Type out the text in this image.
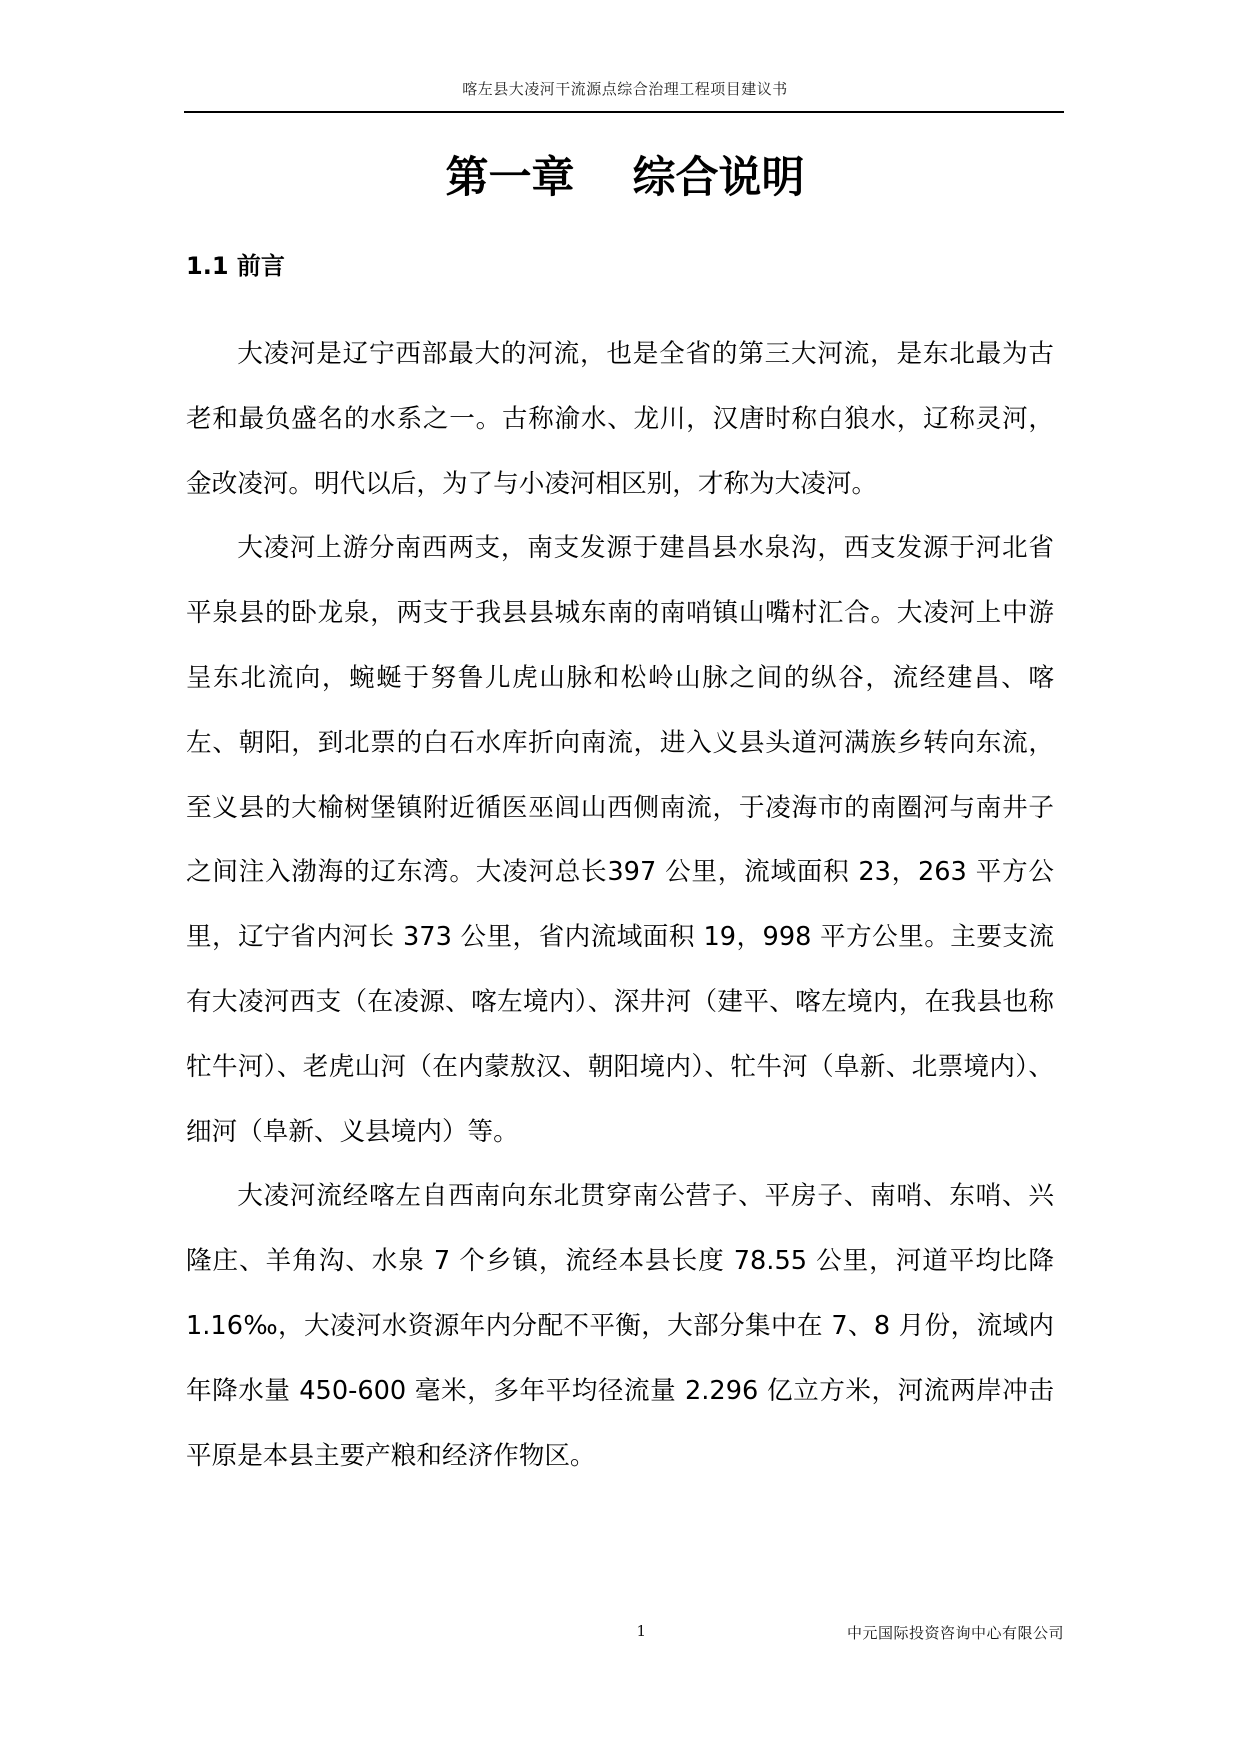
喀左县大凌河干流源点综合治理工程项目建议书
第一章　 综合说明
1.1 前言

大凌河是辽宁西部最大的河流，也是全省的第三大河流，是东北最为古老和最负盛名的水系之一。古称渝水、龙川，汉唐时称白狼水，辽称灵河，金改凌河。明代以后，为了与小凌河相区别，才称为大凌河。

大凌河上游分南西两支，南支发源于建昌县水泉沟，西支发源于河北省平泉县的卧龙泉，两支于我县县城东南的南哨镇山嘴村汇合。大凌河上中游呈东北流向，蜿蜒于努鲁儿虎山脉和松岭山脉之间的纵谷，流经建昌、喀左、朝阳，到北票的白石水库折向南流，进入义县头道河满族乡转向东流，至义县的大榆树堡镇附近循医巫闾山西侧南流，于凌海市的南圈河与南井子之间注入渤海的辽东湾。大凌河总长397 公里，流域面积 23，263 平方公里，辽宁省内河长 373 公里，省内流域面积 19，998 平方公里。主要支流有大凌河西支（在凌源、喀左境内）、深井河（建平、喀左境内，在我县也称牤牛河）、老虎山河（在内蒙敖汉、朝阳境内）、牤牛河（阜新、北票境内）、细河（阜新、义县境内）等。

大凌河流经喀左自西南向东北贯穿南公营子、平房子、南哨、东哨、兴隆庄、羊角沟、水泉 7 个乡镇，流经本县长度 78.55 公里，河道平均比降 1.16‰，大凌河水资源年内分配不平衡，大部分集中在 7、8 月份，流域内年降水量 450-600 毫米，多年平均径流量 2.296 亿立方米，河流两岸冲击平原是本县主要产粮和经济作物区。

1	中元国际投资咨询中心有限公司
